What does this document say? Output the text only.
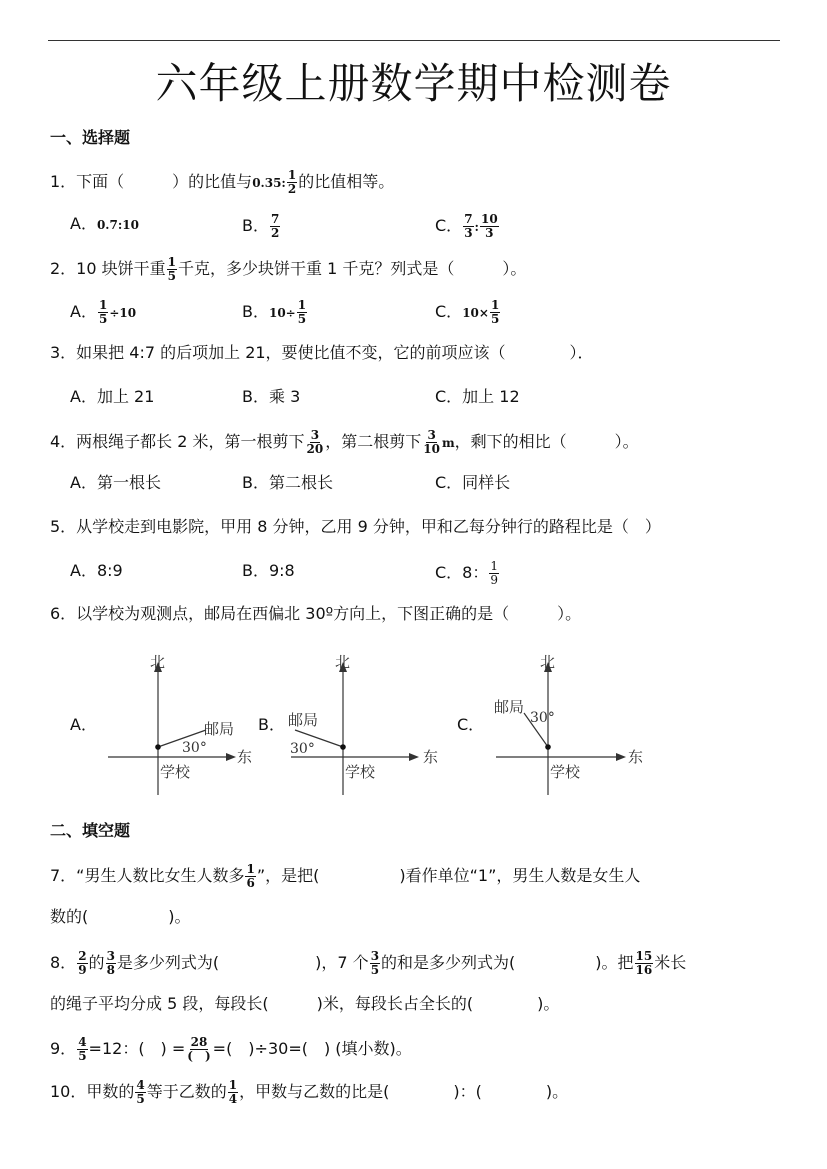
六年级上册数学期中检测卷
一、选择题
1．下面（　　　）的比值与0.35: $\frac{1}{2}$ 的比值相等。
A．0.7:10	B． $\frac{7}{2}$	C． $\frac{7}{3}$ : $\frac{10}{3}$
2．10 块饼干重 $\frac{1}{5}$ 千克，多少块饼干重 1 千克？列式是（　　　）。
A． $\frac{1}{5} \div 10$	B．$10\div \frac{1}{5}$	C．$10\times \frac{1}{5}$
3．如果把 4:7 的后项加上 21，要使比值不变，它的前项应该（　　　　）．
A．加上 21	B．乘 3	C．加上 12
4．两根绳子都长 2 米，第一根剪下 $\frac{3}{20}$ ，第二根剪下 $\frac{3}{10}$ m，剩下的相比（　　　）。
A．第一根长	B．第二根长	C．同样长
5．从学校走到电影院，甲用 8 分钟，乙用 9 分钟，甲和乙每分钟行的路程比是（　）
A．8:9	B．9:8	C．8： $\frac{1}{9}$
6．以学校为观测点，邮局在西偏北 30º方向上，下图正确的是（　　　）。
A．	B．	C．
北
东
学校
邮局
30°
北
东
学校
邮局
30°
北
东
学校
邮局
30°
二、填空题
7．“男生人数比女生人数多 $\frac{1}{6}$ ”，是把(　　　　　)看作单位“1”，男生人数是女生人
数的(　　　　　)。
8． $\frac{2}{9}$ 的 $\frac{3}{8}$ 是多少列式为(　　　　　　)，7 个 $\frac{3}{5}$ 的和是多少列式为(　　　　　)。把 $\frac{15}{16}$ 米长
的绳子平均分成 5 段，每段长(　　　)米，每段长占全长的(　　　　)。
9． $\frac{4}{5} =12$：(　) = $\frac{28}{( )}$ =(　)÷30=(　) (填小数)。
10．甲数的 $\frac{4}{5}$ 等于乙数的 $\frac{1}{4}$ ，甲数与乙数的比是(　　　　)：(　　　　)。
